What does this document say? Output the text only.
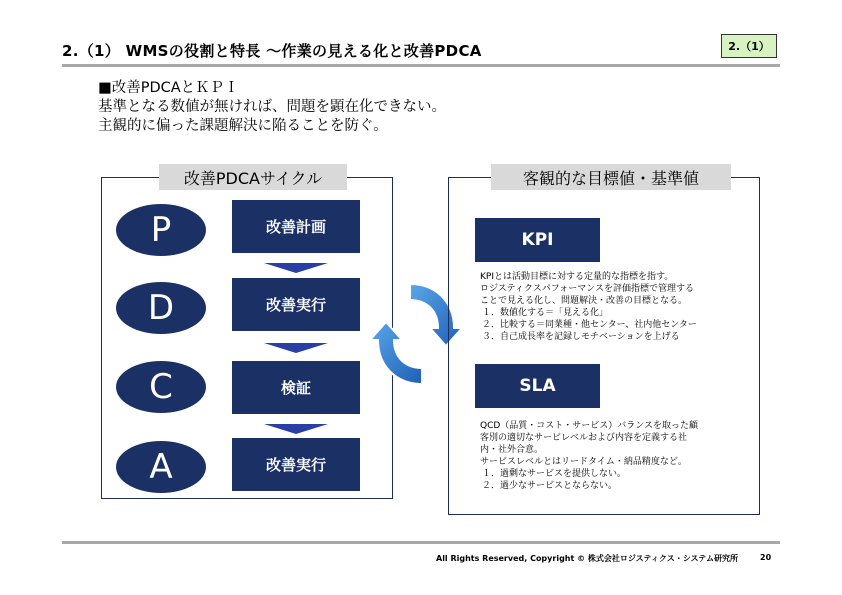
2.（1） WMSの役割と特長 ～作業の見える化と改善PDCA	2.（1）
■改善PDCAとＫＰＩ
基準となる数値が無ければ、問題を顕在化できない。
主観的に偏った課題解決に陥ることを防ぐ。
改善PDCAサイクル
P	改善計画
D	改善実行
C	検証
A	改善実行
客観的な目標値・基準値
KPI
KPIとは活動目標に対する定量的な指標を指す。
ロジスティクスパフォーマンスを評価指標で管理する
ことで見える化し、問題解決・改善の目標となる。
１．数値化する＝「見える化」
２．比較する＝同業種・他センター、社内他センター
３．自己成長率を記録しモチベーションを上げる
SLA
QCD（品質・コスト・サービス）バランスを取った顧
客別の適切なサービレベルおよび内容を定義する社
内・社外合意。
サービスレベルとはリードタイム・納品精度など。
１．過剰なサービスを提供しない。
２．過少なサービスとならない。
All Rights Reserved, Copyright © 株式会社ロジスティクス・システム研究所	20
